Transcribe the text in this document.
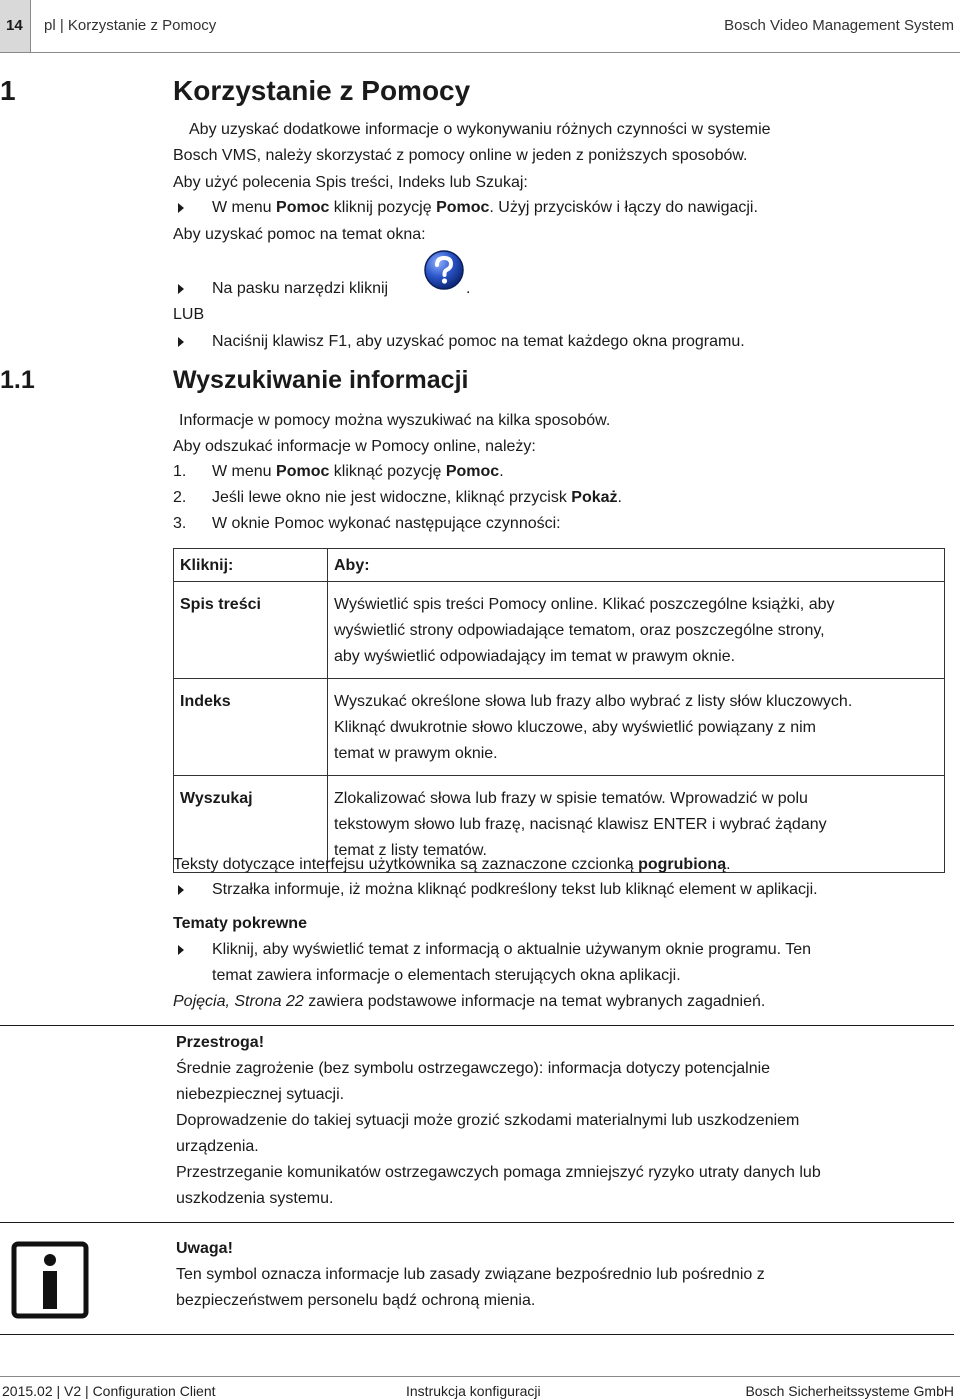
14 pl | Korzystanie z Pomocy	Bosch Video Management System
1	Korzystanie z Pomocy
Aby uzyskać dodatkowe informacje o wykonywaniu różnych czynności w systemie
Bosch VMS, należy skorzystać z pomocy online w jeden z poniższych sposobów.
Aby użyć polecenia Spis treści, Indeks lub Szukaj:
W menu Pomoc kliknij pozycję Pomoc. Użyj przycisków i łączy do nawigacji.
Aby uzyskać pomoc na temat okna:
Na pasku narzędzi kliknij	.
LUB
Naciśnij klawisz F1, aby uzyskać pomoc na temat każdego okna programu.
1.1	Wyszukiwanie informacji
Informacje w pomocy można wyszukiwać na kilka sposobów.
Aby odszukać informacje w Pomocy online, należy:
1. W menu Pomoc kliknąć pozycję Pomoc.
2. Jeśli lewe okno nie jest widoczne, kliknąć przycisk Pokaż.
3. W oknie Pomoc wykonać następujące czynności:
Kliknij:	Aby:
Spis treści	Wyświetlić spis treści Pomocy online. Klikać poszczególne książki, aby
wyświetlić strony odpowiadające tematom, oraz poszczególne strony,
aby wyświetlić odpowiadający im temat w prawym oknie.

Indeks	Wyszukać określone słowa lub frazy albo wybrać z listy słów kluczowych.
Kliknąć dwukrotnie słowo kluczowe, aby wyświetlić powiązany z nim
temat w prawym oknie.

Wyszukaj	Zlokalizować słowa lub frazy w spisie tematów. Wprowadzić w polu
tekstowym słowo lub frazę, nacisnąć klawisz ENTER i wybrać żądany
temat z listy tematów.
Teksty dotyczące interfejsu użytkownika są zaznaczone czcionką pogrubioną.
Strzałka informuje, iż można kliknąć podkreślony tekst lub kliknąć element w aplikacji.
Tematy pokrewne
Kliknij, aby wyświetlić temat z informacją o aktualnie używanym oknie programu. Ten
temat zawiera informacje o elementach sterujących okna aplikacji.
Pojęcia, Strona 22 zawiera podstawowe informacje na temat wybranych zagadnień.
Przestroga!
Średnie zagrożenie (bez symbolu ostrzegawczego): informacja dotyczy potencjalnie
niebezpiecznej sytuacji.
Doprowadzenie do takiej sytuacji może grozić szkodami materialnymi lub uszkodzeniem
urządzenia.
Przestrzeganie komunikatów ostrzegawczych pomaga zmniejszyć ryzyko utraty danych lub
uszkodzenia systemu.
Uwaga!
Ten symbol oznacza informacje lub zasady związane bezpośrednio lub pośrednio z
bezpieczeństwem personelu bądź ochroną mienia.
2015.02 | V2 | Configuration Client	Instrukcja konfiguracji	Bosch Sicherheitssysteme GmbH
